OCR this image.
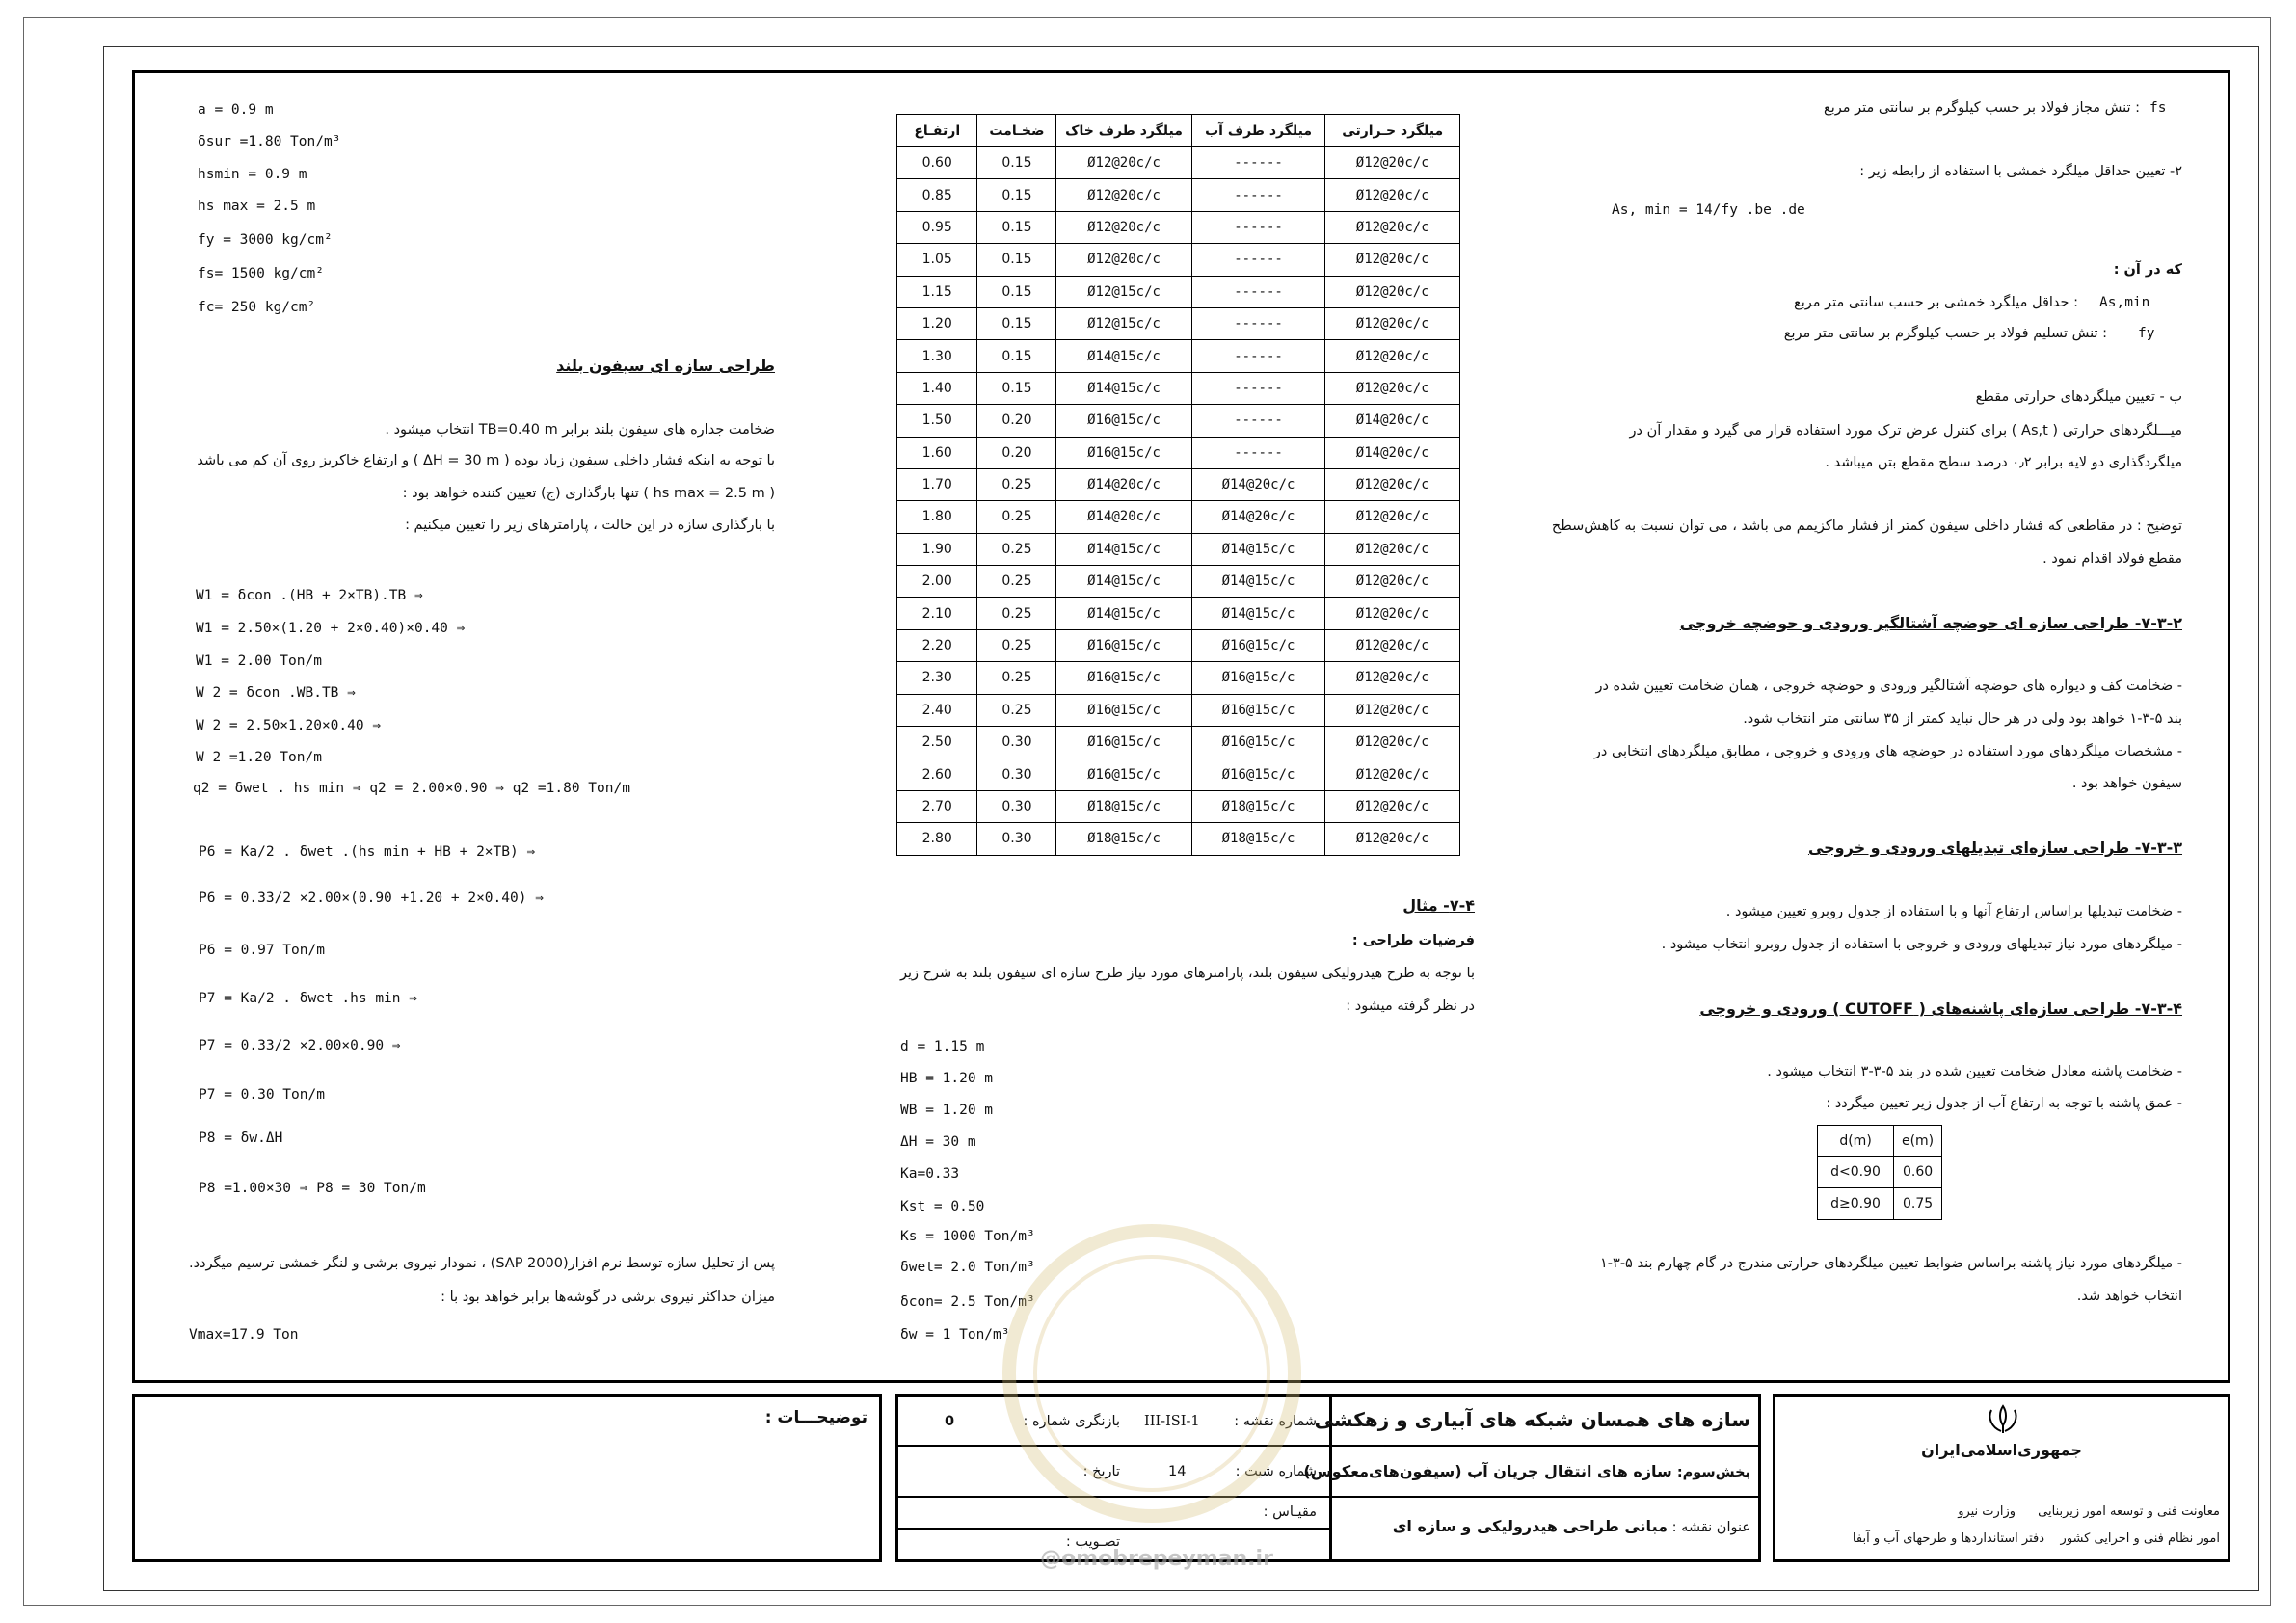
a = 0.9 m
δsur =1.80 Ton/m³
hsmin = 0.9 m
hs max = 2.5 m
fy = 3000 kg/cm²
fs= 1500 kg/cm²
fc= 250 kg/cm²
طراحی سازه ای سیفون بلند
ضخامت جداره های سیفون بلند برابر TB=0.40 m انتخاب میشود .
با توجه به اینکه فشار داخلی سیفون زیاد بوده ( ΔH = 30 m ) و ارتفاع خاکریز روی آن کم می باشد
( hs max = 2.5 m ) تنها بارگذاری (ج) تعیین کننده خواهد بود :
با بارگذاری سازه در این حالت ، پارامترهای زیر را تعیین میکنیم :
W1 = δcon .(HB + 2×TB).TB ⇒
W1 = 2.50×(1.20 + 2×0.40)×0.40 ⇒
W1 = 2.00 Ton/m
W 2 = δcon .WB.TB ⇒
W 2 = 2.50×1.20×0.40 ⇒
W 2 =1.20 Ton/m
q2 = δwet . hs min ⇒ q2 = 2.00×0.90 ⇒ q2 =1.80 Ton/m
P6 = Ka/2 . δwet .(hs min + HB + 2×TB) ⇒
P6 = 0.33/2 ×2.00×(0.90 +1.20 + 2×0.40) ⇒
P6 = 0.97 Ton/m
P7 = Ka/2 . δwet .hs min ⇒
P7 = 0.33/2 ×2.00×0.90 ⇒
P7 = 0.30 Ton/m
P8 = δw.ΔH
P8 =1.00×30 ⇒ P8 = 30 Ton/m
پس از تحلیل سازه توسط نرم افزار(SAP 2000) ، نمودار نیروی برشی و لنگر خمشی ترسیم میگردد.
میزان حداکثر نیروی برشی در گوشه‌ها برابر خواهد بود با :
Vmax=17.9 Ton
ارتفـاع	ضخـامت	میلگرد طرف خاک	میلگرد طرف آب	میلگرد حـرارتی
0.60	0.15	Ø12@20c/c	------	Ø12@20c/c
0.85	0.15	Ø12@20c/c	------	Ø12@20c/c
0.95	0.15	Ø12@20c/c	------	Ø12@20c/c
1.05	0.15	Ø12@20c/c	------	Ø12@20c/c
1.15	0.15	Ø12@15c/c	------	Ø12@20c/c
1.20	0.15	Ø12@15c/c	------	Ø12@20c/c
1.30	0.15	Ø14@15c/c	------	Ø12@20c/c
1.40	0.15	Ø14@15c/c	------	Ø12@20c/c
1.50	0.20	Ø16@15c/c	------	Ø14@20c/c
1.60	0.20	Ø16@15c/c	------	Ø14@20c/c
1.70	0.25	Ø14@20c/c	Ø14@20c/c	Ø12@20c/c
1.80	0.25	Ø14@20c/c	Ø14@20c/c	Ø12@20c/c
1.90	0.25	Ø14@15c/c	Ø14@15c/c	Ø12@20c/c
2.00	0.25	Ø14@15c/c	Ø14@15c/c	Ø12@20c/c
2.10	0.25	Ø14@15c/c	Ø14@15c/c	Ø12@20c/c
2.20	0.25	Ø16@15c/c	Ø16@15c/c	Ø12@20c/c
2.30	0.25	Ø16@15c/c	Ø16@15c/c	Ø12@20c/c
2.40	0.25	Ø16@15c/c	Ø16@15c/c	Ø12@20c/c
2.50	0.30	Ø16@15c/c	Ø16@15c/c	Ø12@20c/c
2.60	0.30	Ø16@15c/c	Ø16@15c/c	Ø12@20c/c
2.70	0.30	Ø18@15c/c	Ø18@15c/c	Ø12@20c/c
2.80	0.30	Ø18@15c/c	Ø18@15c/c	Ø12@20c/c
۷-۴- مثال
فرضیات طراحی :
با توجه به طرح هیدرولیکی سیفون بلند، پارامترهای مورد نیاز طرح سازه ای سیفون بلند به شرح زیر
در نظر گرفته میشود :
d = 1.15 m
HB = 1.20 m
WB = 1.20 m
ΔH = 30 m
Ka=0.33
Kst = 0.50
Ks = 1000 Ton/m³
δwet= 2.0 Ton/m³
δcon= 2.5 Ton/m³
δw = 1 Ton/m³
fs
: تنش مجاز فولاد بر حسب کیلوگرم بر سانتی متر مربع
۲- تعیین حداقل میلگرد خمشی با استفاده از رابطه زیر :
As, min = 14/fy .be .de
که در آن :
As,min
: حداقل میلگرد خمشی بر حسب سانتی متر مربع
fy
: تنش تسلیم فولاد بر حسب کیلوگرم بر سانتی متر مربع
ب - تعیین میلگردهای حرارتی مقطع
میـــلگردهای حرارتی ( As,t ) برای کنترل عرض ترک مورد استفاده قرار می گیرد و مقدار آن در
میلگردگذاری دو لایه برابر ۰٫۲ درصد سطح مقطع بتن میباشد .
توضیح : در مقاطعی که فشار داخلی سیفون کمتر از فشار ماکزیمم می باشد ، می توان نسبت به کاهش‌سطح
مقطع فولاد اقدام نمود .
۷-۳-۲- طراحی سازه ای حوضچه آشتالگیر ورودی و حوضچه خروجی
- ضخامت کف و دیواره های حوضچه آشتالگیر ورودی و حوضچه خروجی ، همان ضخامت تعیین شده در
بند ۵-۳-۱ خواهد بود ولی در هر حال نباید کمتر از ۳۵ سانتی متر انتخاب شود.
- مشخصات میلگردهای مورد استفاده در حوضچه های ورودی و خروجی ، مطابق میلگردهای انتخابی در
سیفون خواهد بود .
۷-۳-۳- طراحی سازه‌ای تبدیلهای ورودی و خروجی
- ضخامت تبدیلها براساس ارتفاع آنها و با استفاده از جدول روبرو تعیین میشود .
- میلگردهای مورد نیاز تبدیلهای ورودی و خروجی با استفاده از جدول روبرو انتخاب میشود .
۷-۳-۴- طراحی سازه‌ای پاشنه‌های ( CUTOFF ) ورودی و خروجی
- ضخامت پاشنه معادل ضخامت تعیین شده در بند ۵-۳-۳ انتخاب میشود .
- عمق پاشنه با توجه به ارتفاع آب از جدول زیر تعیین میگردد :
d(m)	e(m)
d<0.90	0.60
d≥0.90	0.75
- میلگردهای مورد نیاز پاشنه براساس ضوابط تعیین میلگردهای حرارتی مندرج در گام چهارم بند ۵-۳-۱
انتخاب خواهد شد.
توضیحـــات :	سازه های همسان شبکه های آبیاری و زهکشی
بخش‌سوم: سازه های انتقال جریان آب (سیفون‌های‌معکوس)
عنوان نقشه : مبانی طراحی هیدرولیکی و سازه ای
شماره نقشه :
III-ISI-1
بازنگری شماره :
0
شماره شیت :
14
تاریخ :
مقیـاس :
تصـویب :
جمهوری‌اسلامی‌ایران
معاونت فنی و توسعه امور زیربنایی
امور نظام فنی و اجرایی کشور
وزارت نیرو
دفتر استانداردها و طرحهای آب و آبفا
@omobrepeyman.ir
